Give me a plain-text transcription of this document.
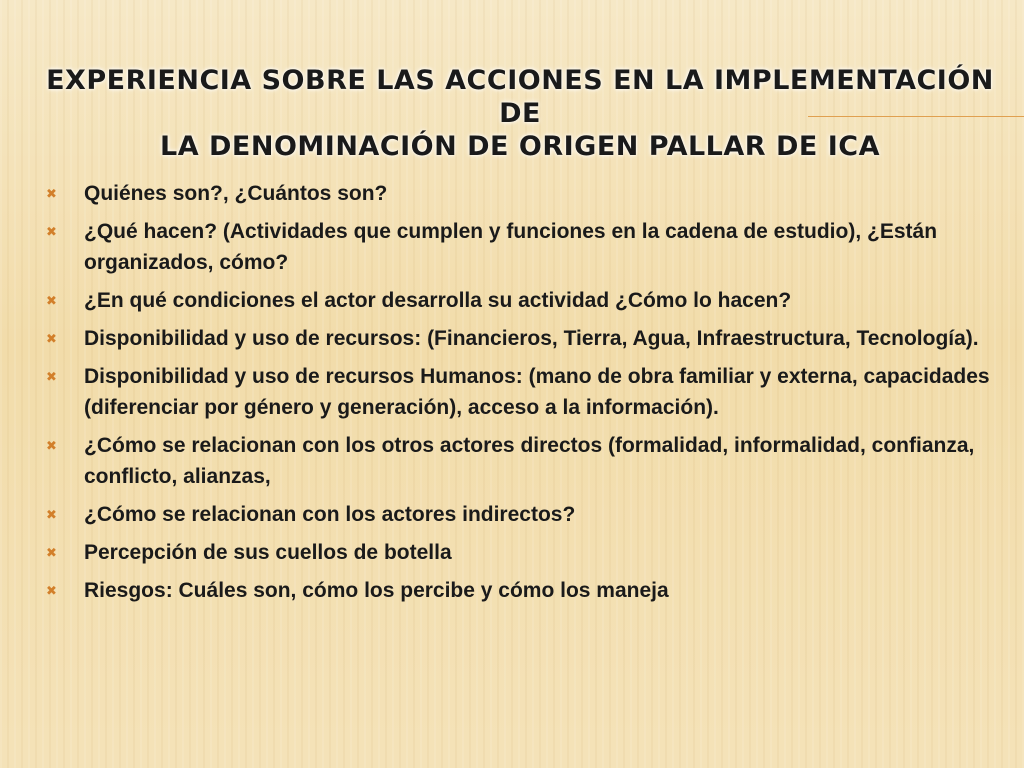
EXPERIENCIA SOBRE LAS ACCIONES EN LA IMPLEMENTACIÓN DE
LA DENOMINACIÓN DE ORIGEN PALLAR DE ICA
✖ Quiénes son?, ¿Cuántos son?
✖ ¿Qué hacen? (Actividades que cumplen y funciones en la cadena de estudio), ¿Están organizados, cómo?
✖ ¿En qué condiciones el actor desarrolla su actividad ¿Cómo lo hacen?
✖ Disponibilidad y uso de recursos: (Financieros, Tierra, Agua, Infraestructura, Tecnología).
✖ Disponibilidad y uso de recursos Humanos: (mano de obra familiar y externa, capacidades (diferenciar por género y generación), acceso a la información).
✖ ¿Cómo se relacionan con los otros actores directos (formalidad, informalidad, confianza, conflicto, alianzas,
✖ ¿Cómo se relacionan con los actores indirectos?
✖ Percepción de sus cuellos de botella
✖ Riesgos: Cuáles son, cómo los percibe y cómo los maneja
